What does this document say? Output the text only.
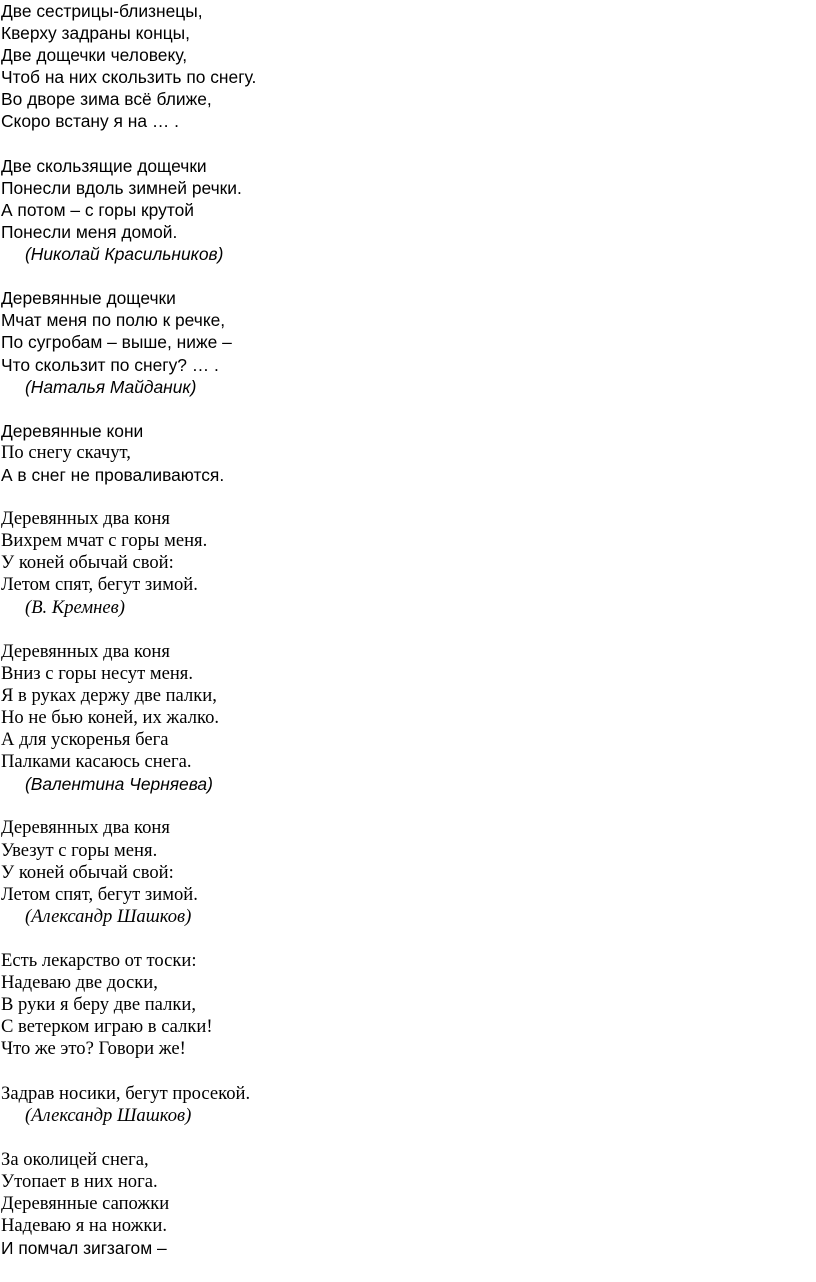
Две сестрицы-близнецы,
Кверху задраны концы,
Две дощечки человеку,
Чтоб на них скользить по снегу.
Во дворе зима всё ближе,
Скоро встану я на … .
Две скользящие дощечки
Понесли вдоль зимней речки.
А потом – с горы крутой
Понесли меня домой.
(Николай Красильников)
Деревянные дощечки
Мчат меня по полю к речке,
По сугробам – выше, ниже –
Что скользит по снегу? … .
(Наталья Майданик)
Деревянные кони
По снегу скачут,
А в снег не проваливаются.
Деревянных два коня
Вихрем мчат с горы меня.
У коней обычай свой:
Летом спят, бегут зимой.
(В. Кремнев)
Деревянных два коня
Вниз с горы несут меня.
Я в руках держу две палки,
Но не бью коней, их жалко.
А для ускоренья бега
Палками касаюсь снега.
(Валентина Черняева)
Деревянных два коня
Увезут с горы меня.
У коней обычай свой:
Летом спят, бегут зимой.
(Александр Шашков)
Есть лекарство от тоски:
Надеваю две доски,
В руки я беру две палки,
С ветерком играю в салки!
Что же это? Говори же!
Задрав носики, бегут просекой.
(Александр Шашков)
За околицей снега,
Утопает в них нога.
Деревянные сапожки
Надеваю я на ножки.
И помчал зигзагом –
